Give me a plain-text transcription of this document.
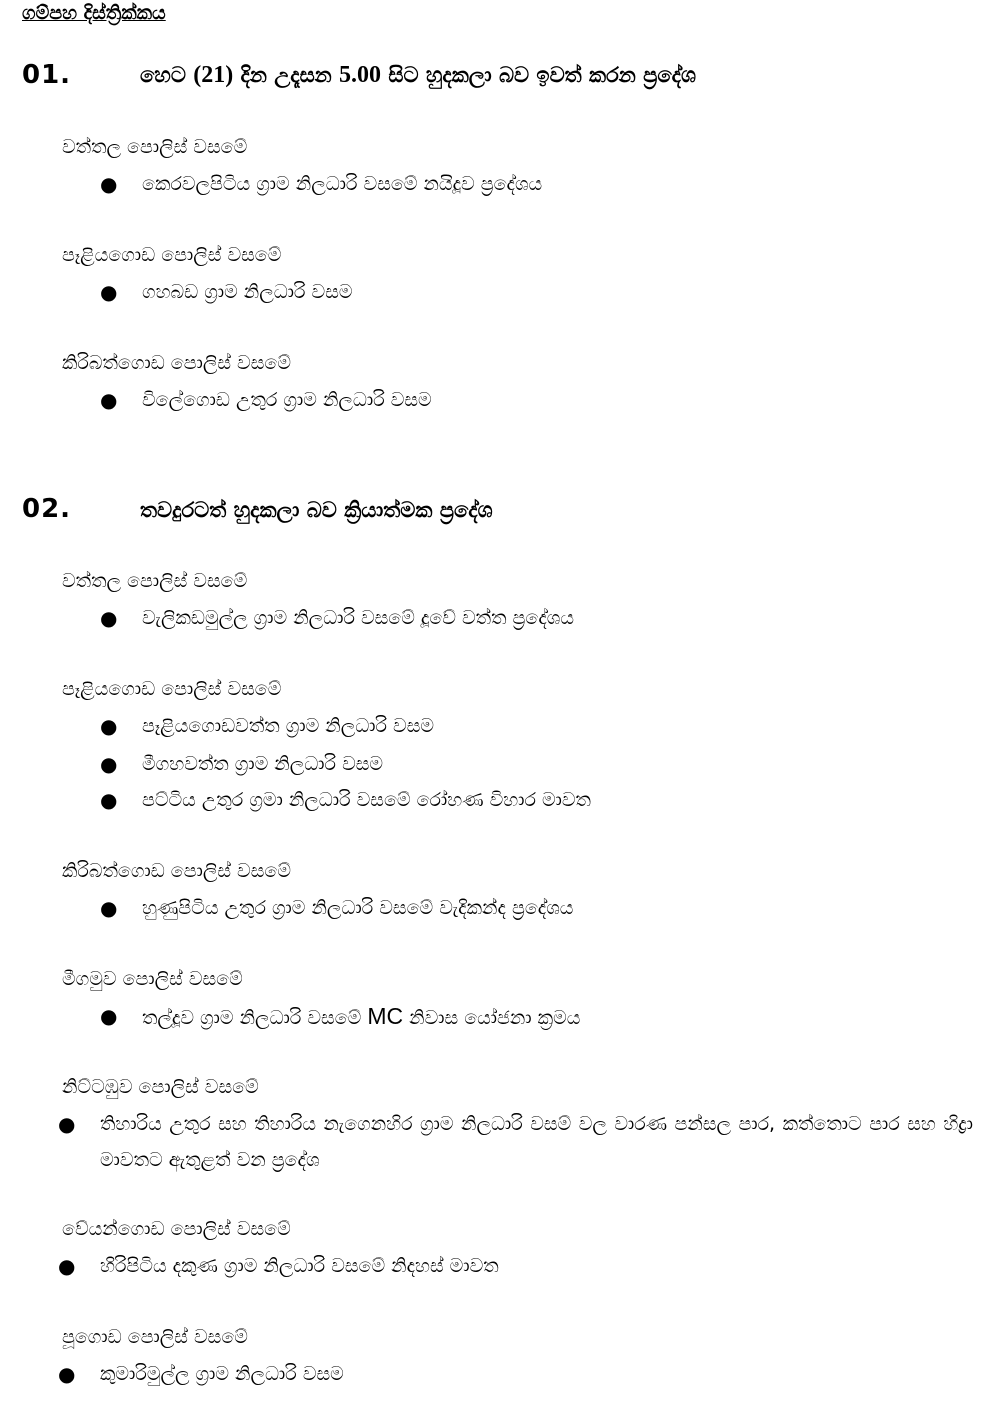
ගම්පහ දිස්ත්‍රික්කය
01.	හෙට (21) දින උදෑසන 5.00 සිට හුදකලා බව ඉවත් කරන ප්‍රදේශ
වත්තල පොලිස් වසමේ
● කෙරවලපිටිය ග්‍රාම නිලධාරි වසමේ නයිදූව ප්‍රදේශය
පෑළියගොඩ පොලිස් වසමේ
● ගහබඩ ග්‍රාම නිලධාරි වසම
කිරිබත්ගොඩ පොලිස් වසමේ
● විලේගොඩ උතුර ග්‍රාම නිලධාරි වසම
02.	තවදුරටත් හුදකලා බව ක්‍රියාත්මක ප්‍රදේශ
වත්තල පොලිස් වසමේ
● වැලිකඩමුල්ල ග්‍රාම නිලධාරි වසමේ දූවේ වත්ත ප්‍රදේශය
පෑළියගොඩ පොලිස් වසමේ
● පෑළියගොඩවත්ත ග්‍රාම නිලධාරි වසම
● මීගහවත්ත ග්‍රාම නිලධාරි වසම
● පට්ටිය උතුර ග්‍රමා නිලධාරි වසමේ රෝහණ විහාර මාවත
කිරිබත්ගොඩ පොලිස් වසමේ
● හුණුපිටිය උතුර ග්‍රාම නිලධාරි වසමේ වැදිකන්ද ප්‍රදේශය
මීගමුව පොලිස් වසමේ
● තල්දූව ග්‍රාම නිලධාරි වසමේ MC නිවාස යෝජනා ක්‍රමය
නිට්ටඹුව පොලිස් වසමේ
● තිහාරිය උතුර සහ තිහාරිය නැගෙනහිර ග්‍රාම නිලධාරි වසම් වල වාරණ පන්සල පාර, කත්තොට පාර සහ හිද්‍රා මාවතට ඇතුළත් වන ප්‍රදේශ
වේයන්ගොඩ පොලිස් වසමේ
● හිරිපිටිය දකුණ ග්‍රාම නිලධාරි වසමේ නිදහස් මාවත
පූගොඩ පොලිස් වසමේ
● කුමාරිමුල්ල ග්‍රාම නිලධාරි වසම
